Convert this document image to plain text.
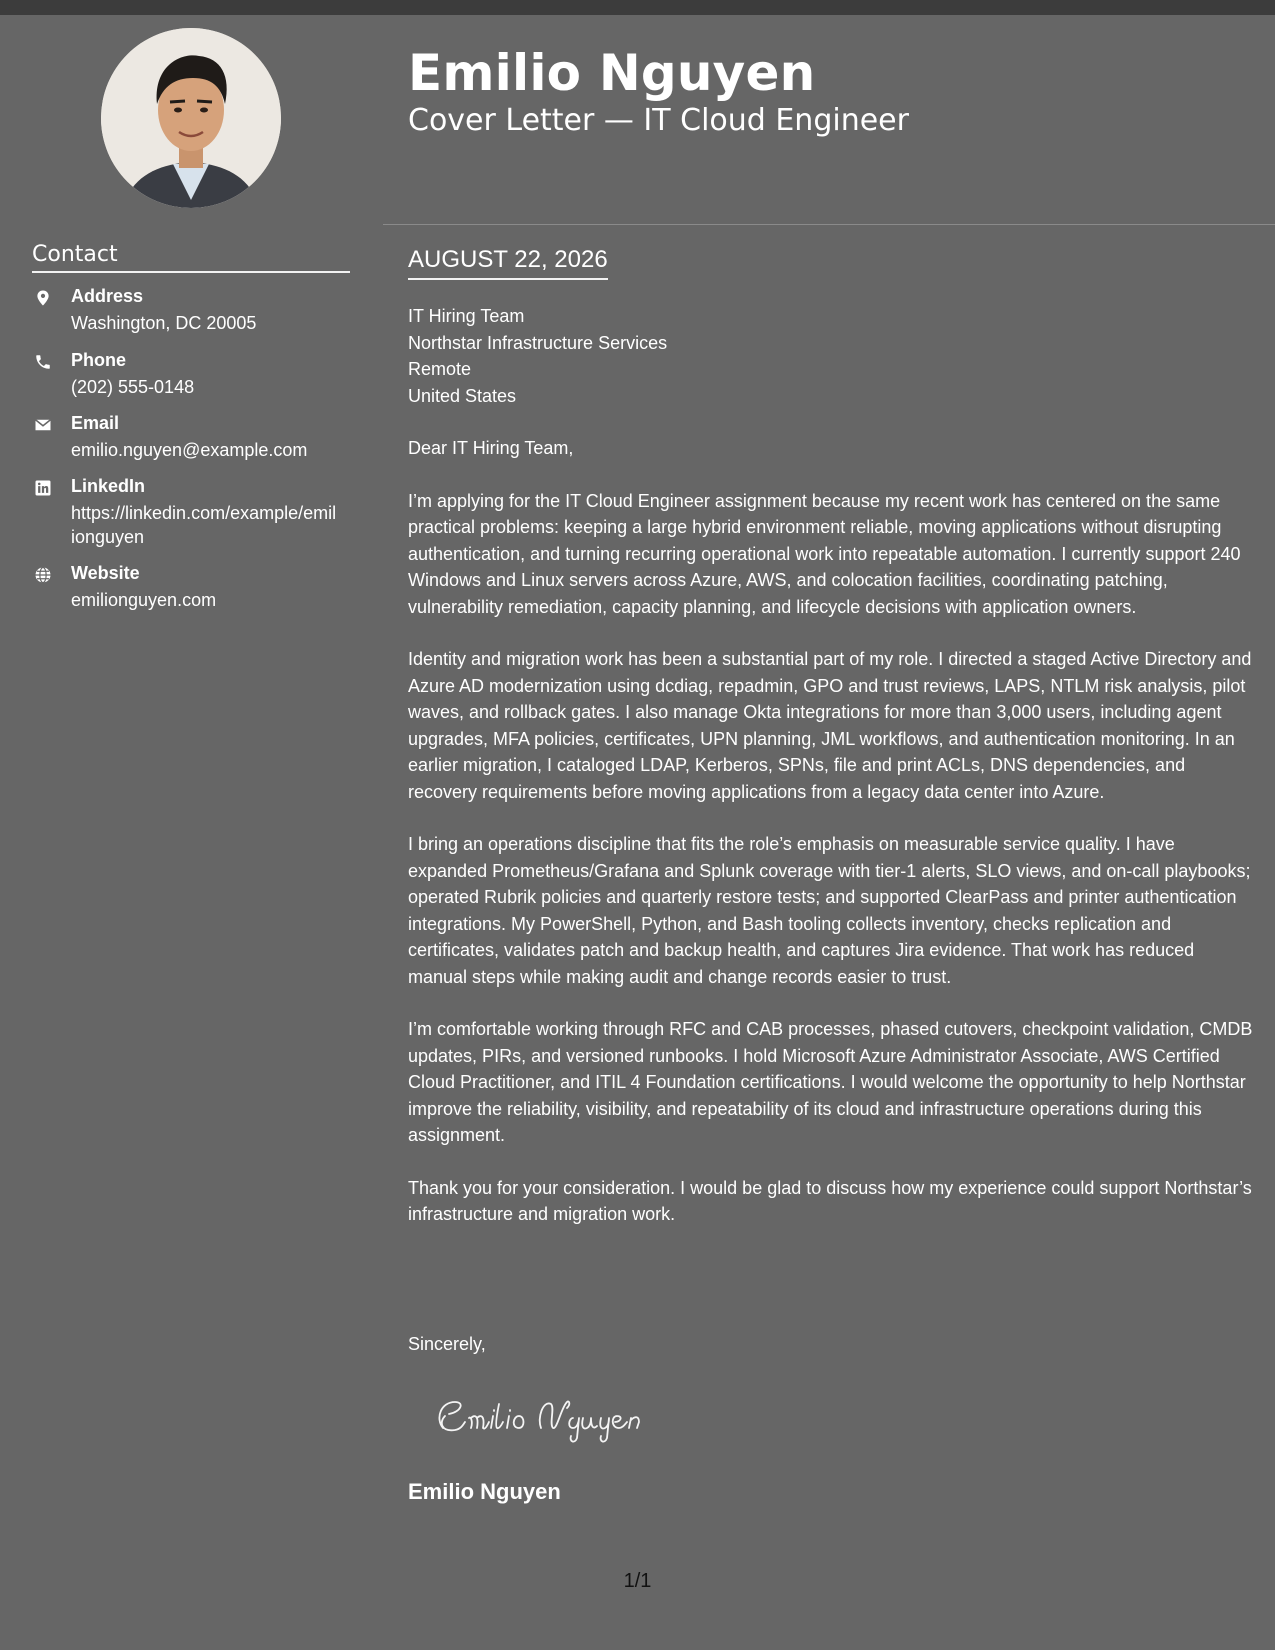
Contact
Address
Washington, DC 20005
Phone
(202) 555-0148
Email
emilio.nguyen@example.com
LinkedIn
https://linkedin.com/example/emilionguyen
Website
emilionguyen.com
Emilio Nguyen
Cover Letter — IT Cloud Engineer
AUGUST 22, 2026
IT Hiring Team
Northstar Infrastructure Services
Remote
United States

Dear IT Hiring Team,

I’m applying for the IT Cloud Engineer assignment because my recent work has centered on the same practical problems: keeping a large hybrid environment reliable, moving applications without disrupting authentication, and turning recurring operational work into repeatable automation. I currently support 240 Windows and Linux servers across Azure, AWS, and colocation facilities, coordinating patching, vulnerability remediation, capacity planning, and lifecycle decisions with application owners.

Identity and migration work has been a substantial part of my role. I directed a staged Active Directory and Azure AD modernization using dcdiag, repadmin, GPO and trust reviews, LAPS, NTLM risk analysis, pilot waves, and rollback gates. I also manage Okta integrations for more than 3,000 users, including agent upgrades, MFA policies, certificates, UPN planning, JML workflows, and authentication monitoring. In an earlier migration, I cataloged LDAP, Kerberos, SPNs, file and print ACLs, DNS dependencies, and recovery requirements before moving applications from a legacy data center into Azure.

I bring an operations discipline that fits the role’s emphasis on measurable service quality. I have expanded Prometheus/Grafana and Splunk coverage with tier-1 alerts, SLO views, and on-call playbooks; operated Rubrik policies and quarterly restore tests; and supported ClearPass and printer authentication integrations. My PowerShell, Python, and Bash tooling collects inventory, checks replication and certificates, validates patch and backup health, and captures Jira evidence. That work has reduced manual steps while making audit and change records easier to trust.

I’m comfortable working through RFC and CAB processes, phased cutovers, checkpoint validation, CMDB updates, PIRs, and versioned runbooks. I hold Microsoft Azure Administrator Associate, AWS Certified Cloud Practitioner, and ITIL 4 Foundation certifications. I would welcome the opportunity to help Northstar improve the reliability, visibility, and repeatability of its cloud and infrastructure operations during this assignment.

Thank you for your consideration. I would be glad to discuss how my experience could support Northstar’s infrastructure and migration work.

Sincerely,
Emilio Nguyen
1/1
